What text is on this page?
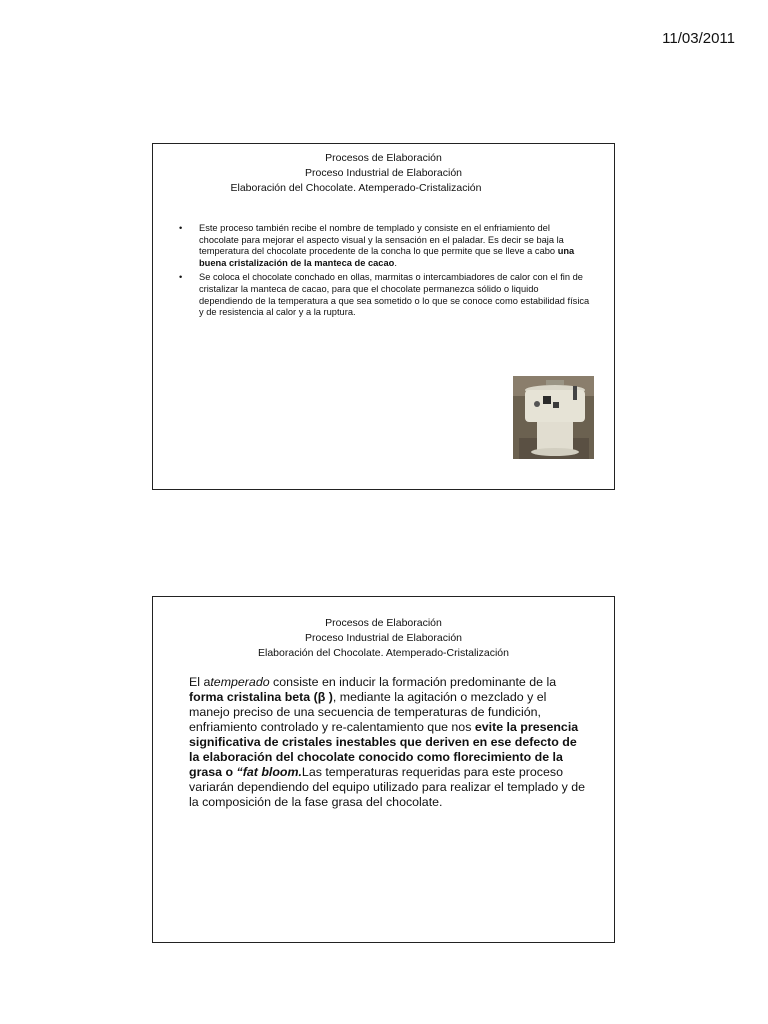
11/03/2011
Procesos de Elaboración
Proceso Industrial de Elaboración
Elaboración del Chocolate. Atemperado-Cristalización
• Este proceso también recibe el nombre de templado y consiste en el enfriamiento del chocolate para mejorar el aspecto visual y la sensación en el paladar. Es decir se baja la temperatura del chocolate procedente de la concha lo que permite que se lleve a cabo una buena cristalización de la manteca de cacao.
• Se coloca el chocolate conchado en ollas, marmitas o intercambiadores de calor con el fin de cristalizar la manteca de cacao, para que el chocolate permanezca sólido o liquido dependiendo de la temperatura a que sea sometido o lo que se conoce como estabilidad física y de resistencia al calor y a la ruptura.
Procesos de Elaboración
Proceso Industrial de Elaboración
Elaboración del Chocolate. Atemperado-Cristalización

El atemperado consiste en inducir la formación predominante de la forma cristalina beta (β ), mediante la agitación o mezclado y el manejo preciso de una secuencia de temperaturas de fundición, enfriamiento controlado y re-calentamiento que nos evite la presencia significativa de cristales inestables que deriven en ese defecto de la elaboración del chocolate conocido como florecimiento de la grasa o “fat bloom.Las temperaturas requeridas para este proceso variarán dependiendo del equipo utilizado para realizar el templado y de la composición de la fase grasa del chocolate.
